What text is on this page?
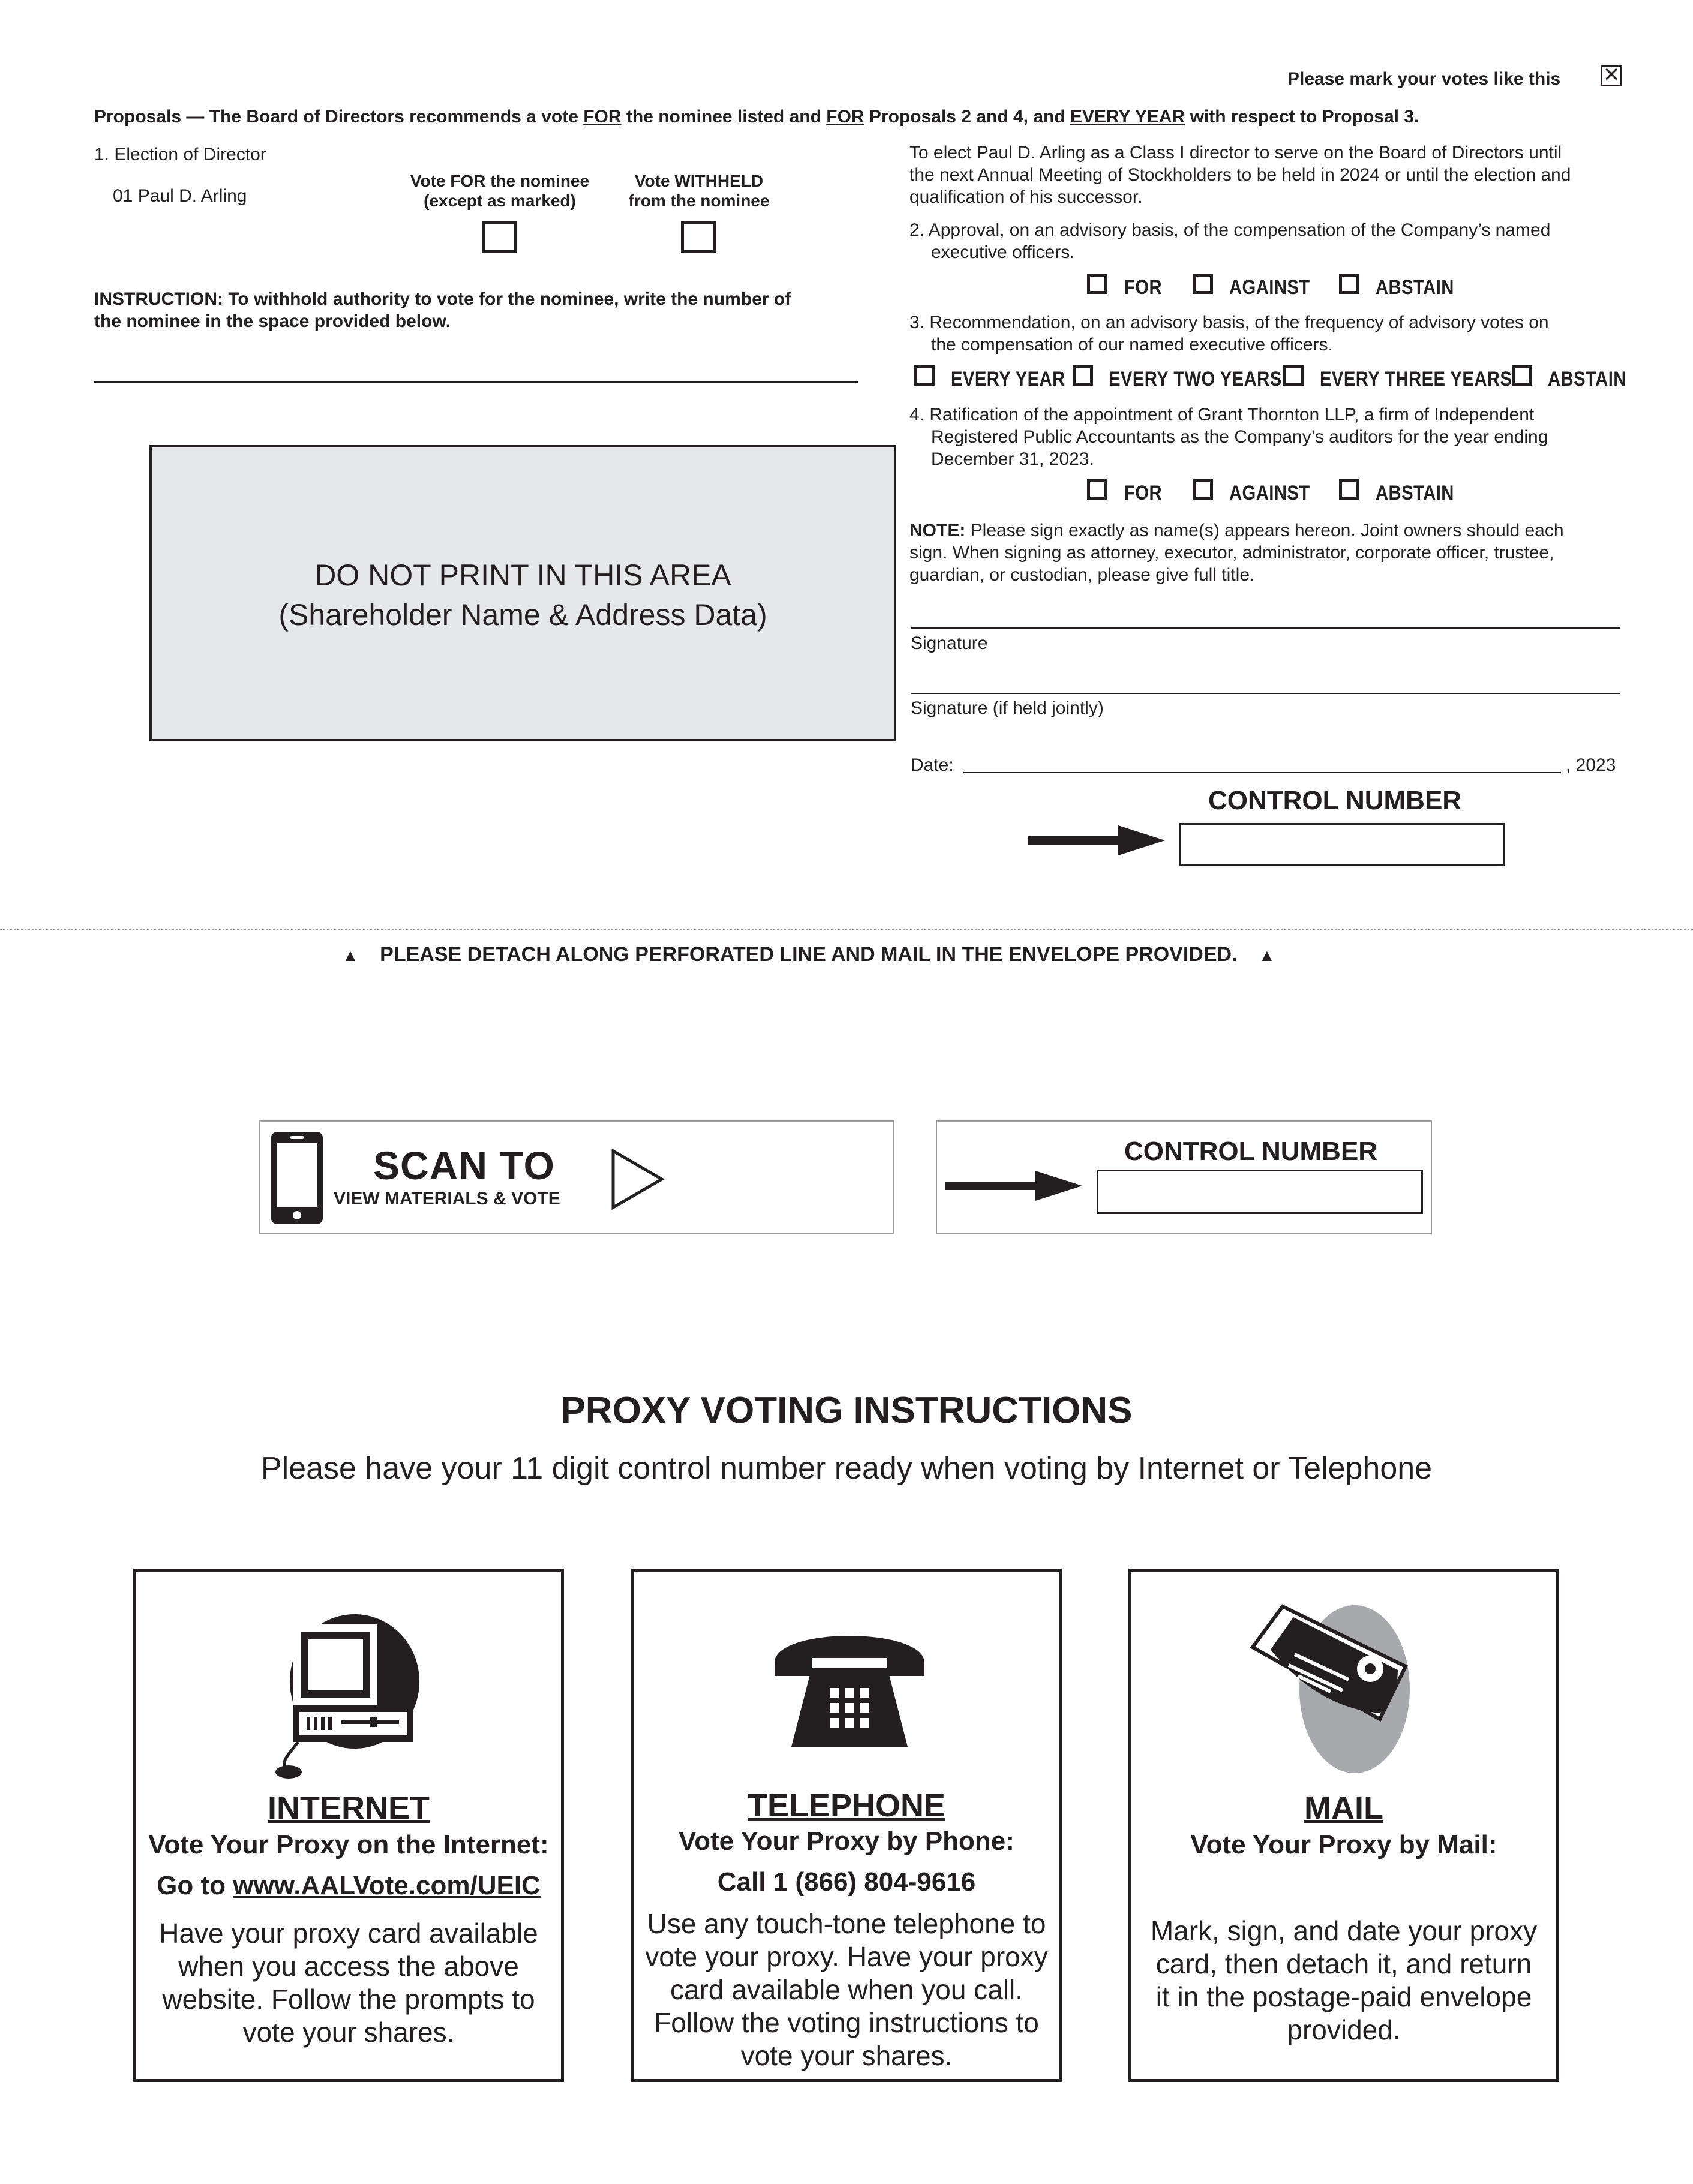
Please mark your votes like this ✕
Proposals — The Board of Directors recommends a vote FOR the nominee listed and FOR Proposals 2 and 4, and EVERY YEAR with respect to Proposal 3.
1. Election of Director
01 Paul D. Arling
Vote FOR the nominee
(except as marked)
Vote WITHHELD
from the nominee
INSTRUCTION: To withhold authority to vote for the nominee, write the number of
the nominee in the space provided below.
DO NOT PRINT IN THIS AREA
(Shareholder Name & Address Data)
To elect Paul D. Arling as a Class I director to serve on the Board of Directors until
the next Annual Meeting of Stockholders to be held in 2024 or until the election and
qualification of his successor.
2. Approval, on an advisory basis, of the compensation of the Company’s named
executive officers.
FOR	AGAINST	ABSTAIN
3. Recommendation, on an advisory basis, of the frequency of advisory votes on
the compensation of our named executive officers.
EVERY YEAR EVERY TWO YEARS EVERY THREE YEARS ABSTAIN
4. Ratification of the appointment of Grant Thornton LLP, a firm of Independent
Registered Public Accountants as the Company’s auditors for the year ending
December 31, 2023.
FOR	AGAINST	ABSTAIN
NOTE: Please sign exactly as name(s) appears hereon. Joint owners should each
sign. When signing as attorney, executor, administrator, corporate officer, trustee,
guardian, or custodian, please give full title.
Signature
Signature (if held jointly)
Date:	, 2023
CONTROL NUMBER
▲ PLEASE DETACH ALONG PERFORATED LINE AND MAIL IN THE ENVELOPE PROVIDED. ▲
SCAN TO
VIEW MATERIALS & VOTE
CONTROL NUMBER
PROXY VOTING INSTRUCTIONS
Please have your 11 digit control number ready when voting by Internet or Telephone
INTERNET
Vote Your Proxy on the Internet:
Go to www.AALVote.com/UEIC
Have your proxy card available
when you access the above
website. Follow the prompts to
vote your shares.
TELEPHONE
Vote Your Proxy by Phone:
Call 1 (866) 804-9616
Use any touch-tone telephone to
vote your proxy. Have your proxy
card available when you call.
Follow the voting instructions to
vote your shares.
MAIL
Vote Your Proxy by Mail:
Mark, sign, and date your proxy
card, then detach it, and return
it in the postage-paid envelope
provided.
